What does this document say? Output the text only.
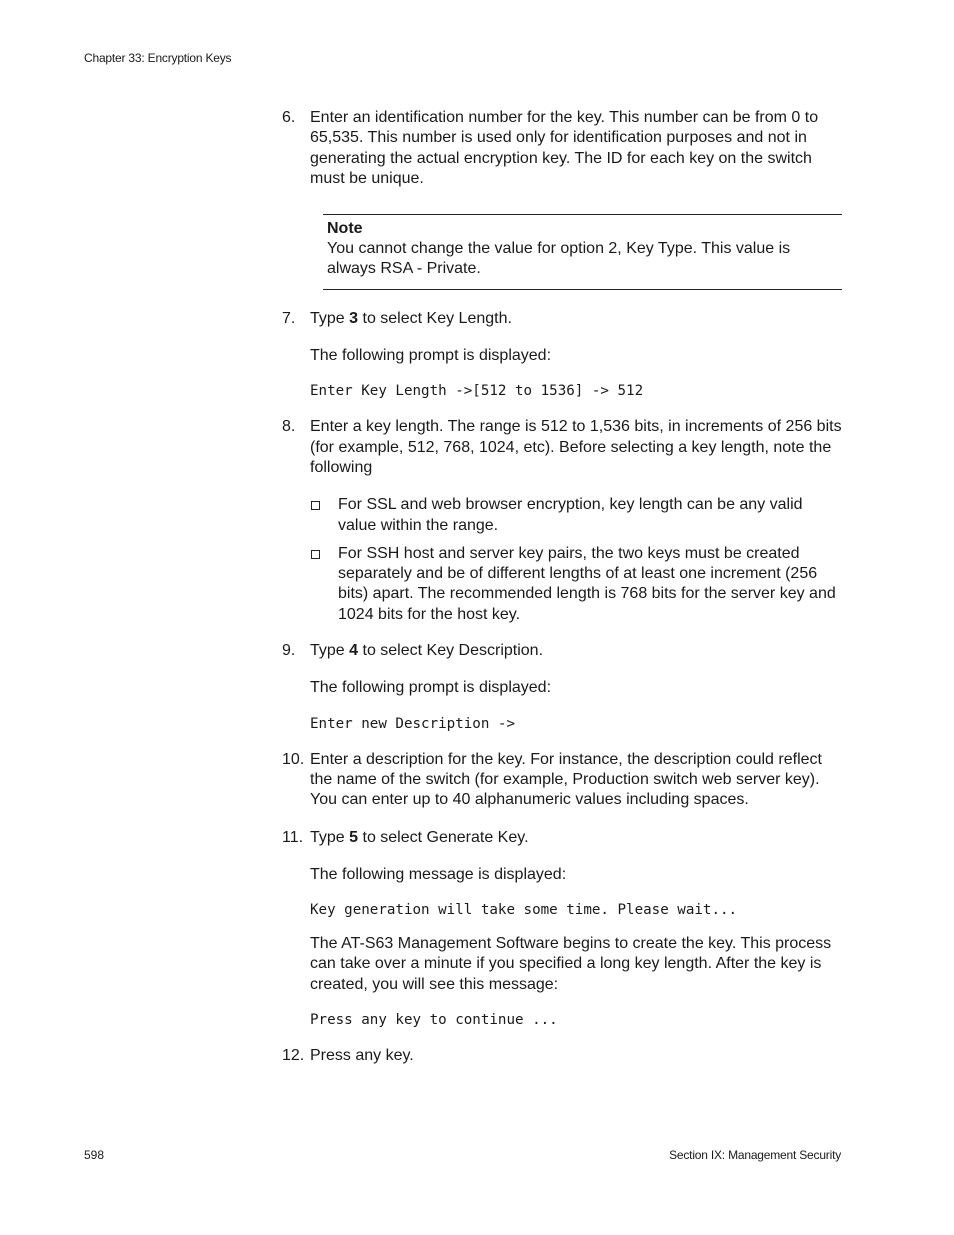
Chapter 33: Encryption Keys
6. Enter an identification number for the key. This number can be from 0 to 65,535. This number is used only for identification purposes and not in generating the actual encryption key. The ID for each key on the switch must be unique.
Note
You cannot change the value for option 2, Key Type. This value is always RSA - Private.
7. Type 3 to select Key Length.
The following prompt is displayed:
Enter Key Length ->[512 to 1536] -> 512
8. Enter a key length. The range is 512 to 1,536 bits, in increments of 256 bits (for example, 512, 768, 1024, etc). Before selecting a key length, note the following
For SSL and web browser encryption, key length can be any valid value within the range.
For SSH host and server key pairs, the two keys must be created separately and be of different lengths of at least one increment (256 bits) apart. The recommended length is 768 bits for the server key and 1024 bits for the host key.
9. Type 4 to select Key Description.
The following prompt is displayed:
Enter new Description ->
10. Enter a description for the key. For instance, the description could reflect the name of the switch (for example, Production switch web server key). You can enter up to 40 alphanumeric values including spaces.
11. Type 5 to select Generate Key.
The following message is displayed:
Key generation will take some time. Please wait...
The AT-S63 Management Software begins to create the key. This process can take over a minute if you specified a long key length. After the key is created, you will see this message:
Press any key to continue ...
12. Press any key.
598	Section IX: Management Security
